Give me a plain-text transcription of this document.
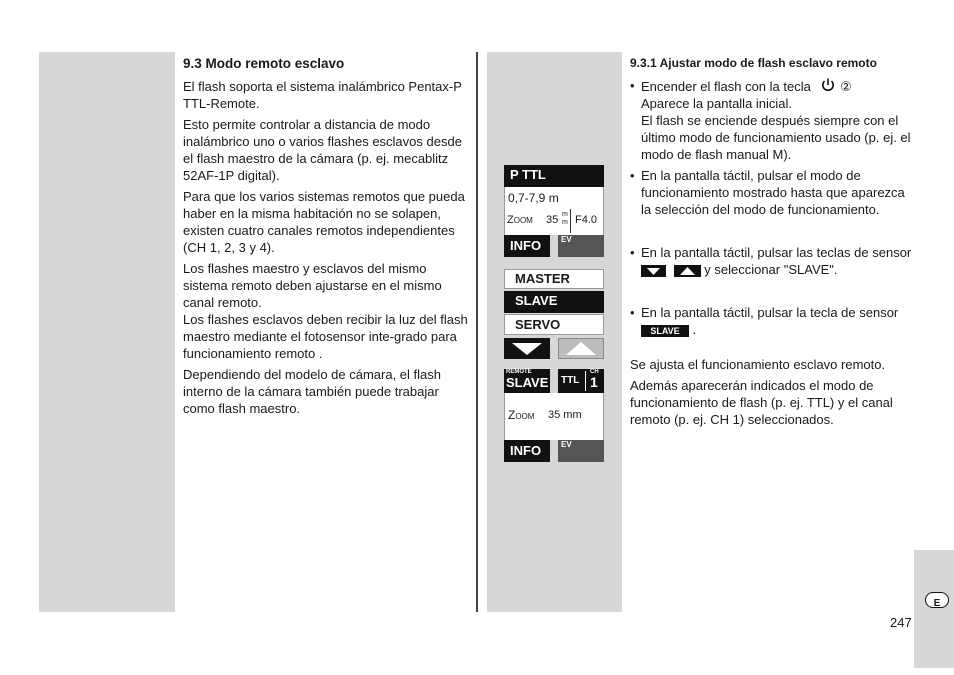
9.3 Modo remoto esclavo

El flash soporta el sistema inalámbrico Pentax-P TTL-Remote.

Esto permite controlar a distancia de modo inalámbrico uno o varios flashes esclavos desde el flash maestro de la cámara (p. ej. mecablitz 52AF-1P digital).

Para que los varios sistemas remotos que pueda haber en la misma habitación no se solapen, existen cuatro canales remotos independientes (CH 1, 2, 3 y 4).

Los flashes maestro y esclavos del mismo sistema remoto deben ajustarse en el mismo canal remoto.

Los flashes esclavos deben recibir la luz del flash maestro mediante el fotosensor inte-grado para funcionamiento remoto .

Dependiendo del modelo de cámara, el flash interno de la cámara también puede trabajar como flash maestro.

P TTL
0,7-7,9 m
Zoom 35 m
m F4.0
INFO EV
MASTER
SLAVE
SERVO
REMOTE
SLAVE TTL
CH
1
Zoom 35 mm
INFO EV
9.3.1 Ajustar modo de flash esclavo remoto
• Encender el flash con la tecla ②
Aparece la pantalla inicial.
El flash se enciende después siempre con el último modo de funcionamiento usado (p. ej. el modo de flash manual M).
• En la pantalla táctil, pulsar el modo de funcionamiento mostrado hasta que aparezca la selección del modo de funcionamiento.
• En la pantalla táctil, pulsar las teclas de sensor

y seleccionar "SLAVE".
• En la pantalla táctil, pulsar la tecla de sensor SLAVE .

Se ajusta el funcionamiento esclavo remoto.

Además aparecerán indicados el modo de funcionamiento de flash (p. ej. TTL) y el canal remoto (p. ej. CH 1) seleccionados.

E
247
